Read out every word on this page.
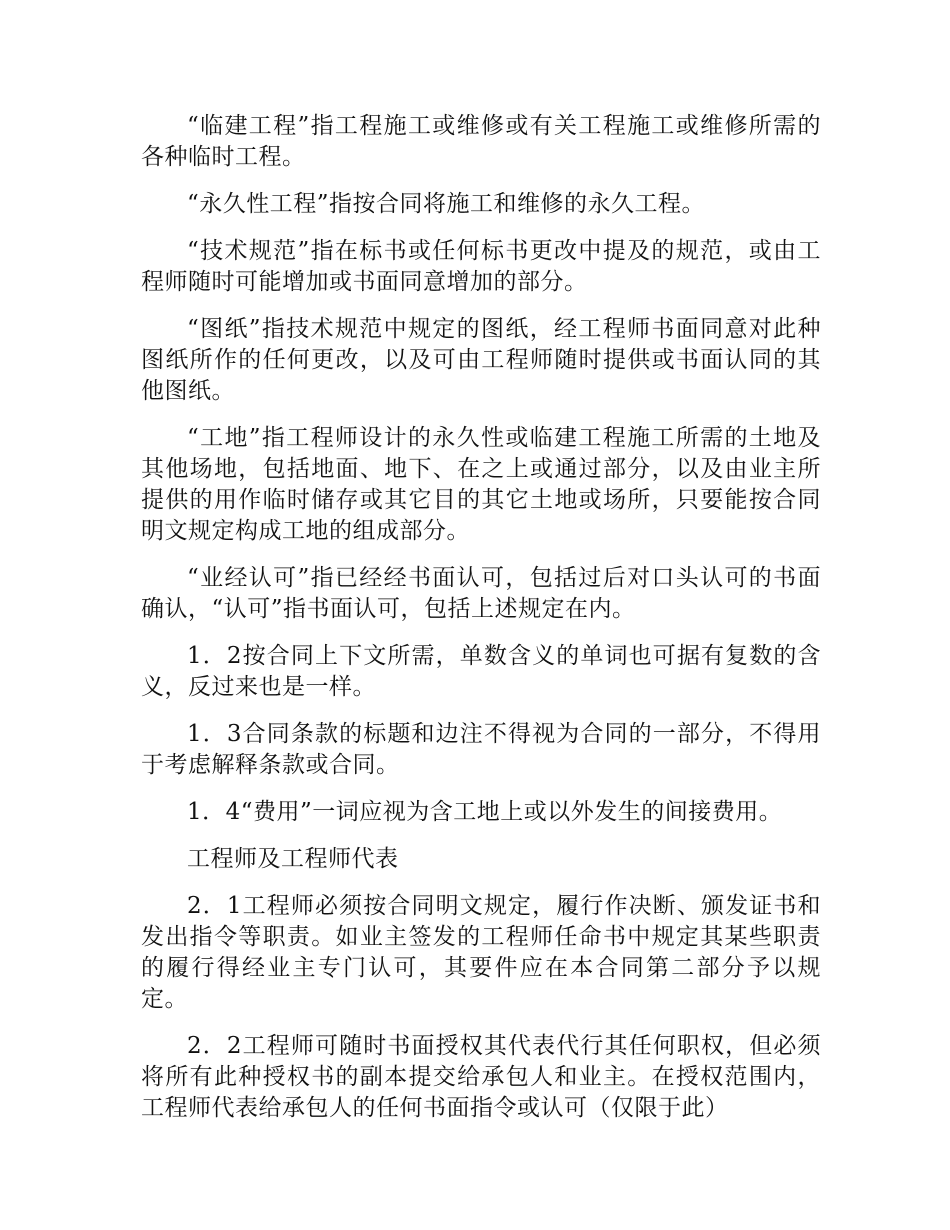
“临建工程”指工程施工或维修或有关工程施工或维修所需的各种临时工程。

“永久性工程”指按合同将施工和维修的永久工程。

“技术规范”指在标书或任何标书更改中提及的规范，或由工程师随时可能增加或书面同意增加的部分。

“图纸”指技术规范中规定的图纸，经工程师书面同意对此种图纸所作的任何更改，以及可由工程师随时提供或书面认同的其他图纸。

“工地”指工程师设计的永久性或临建工程施工所需的土地及其他场地，包括地面、地下、在之上或通过部分，以及由业主所提供的用作临时储存或其它目的其它土地或场所，只要能按合同明文规定构成工地的组成部分。

“业经认可”指已经经书面认可，包括过后对口头认可的书面确认，“认可”指书面认可，包括上述规定在内。

1．2按合同上下文所需，单数含义的单词也可据有复数的含义，反过来也是一样。

1．3合同条款的标题和边注不得视为合同的一部分，不得用于考虑解释条款或合同。

1．4“费用”一词应视为含工地上或以外发生的间接费用。

工程师及工程师代表

2．1工程师必须按合同明文规定，履行作决断、颁发证书和发出指令等职责。如业主签发的工程师任命书中规定其某些职责的履行得经业主专门认可，其要件应在本合同第二部分予以规定。

2．2工程师可随时书面授权其代表代行其任何职权，但必须将所有此种授权书的副本提交给承包人和业主。在授权范围内，工程师代表给承包人的任何书面指令或认可（仅限于此）
